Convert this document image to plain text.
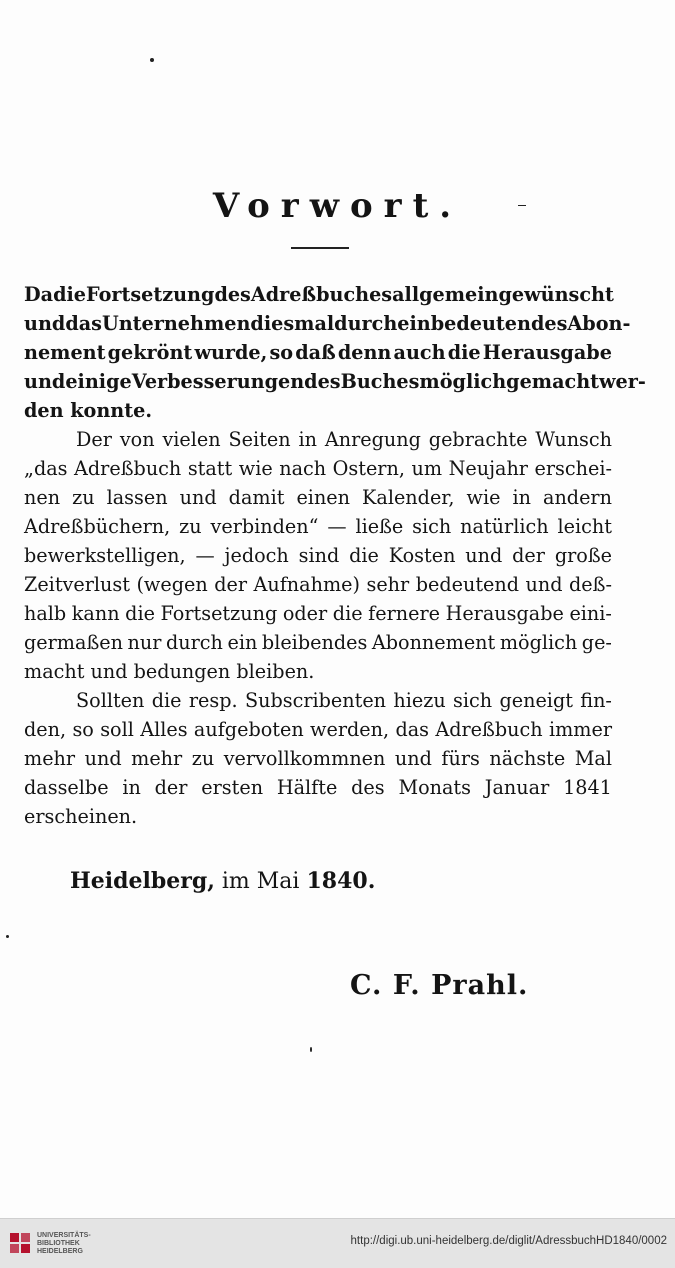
Vorwort.
Da die Fortsetzung des Adreßbuches allgemein gewünscht
und das Unternehmen diesmal durch ein bedeutendes Abon-
nement gekrönt wurde, so daß denn auch die Herausgabe
und einige Verbesserungen des Buches möglich gemacht wer-
den konnte.
Der von vielen Seiten in Anregung gebrachte Wunsch
„das Adreßbuch statt wie nach Ostern, um Neujahr erschei-
nen zu lassen und damit einen Kalender, wie in andern
Adreßbüchern, zu verbinden“ — ließe sich natürlich leicht
bewerkstelligen, — jedoch sind die Kosten und der große
Zeitverlust (wegen der Aufnahme) sehr bedeutend und deß-
halb kann die Fortsetzung oder die fernere Herausgabe eini-
germaßen nur durch ein bleibendes Abonnement möglich ge-
macht und bedungen bleiben.
Sollten die resp. Subscribenten hiezu sich geneigt fin-
den, so soll Alles aufgeboten werden, das Adreßbuch immer
mehr und mehr zu vervollkommnen und fürs nächste Mal
dasselbe in der ersten Hälfte des Monats Januar 1841
erscheinen.

Heidelberg, im Mai 1840.

C. F. Prahl.

UNIVERSITÄTS-
BIBLIOTHEK
HEIDELBERG
http://digi.ub.uni-heidelberg.de/diglit/AdressbuchHD1840/0002
